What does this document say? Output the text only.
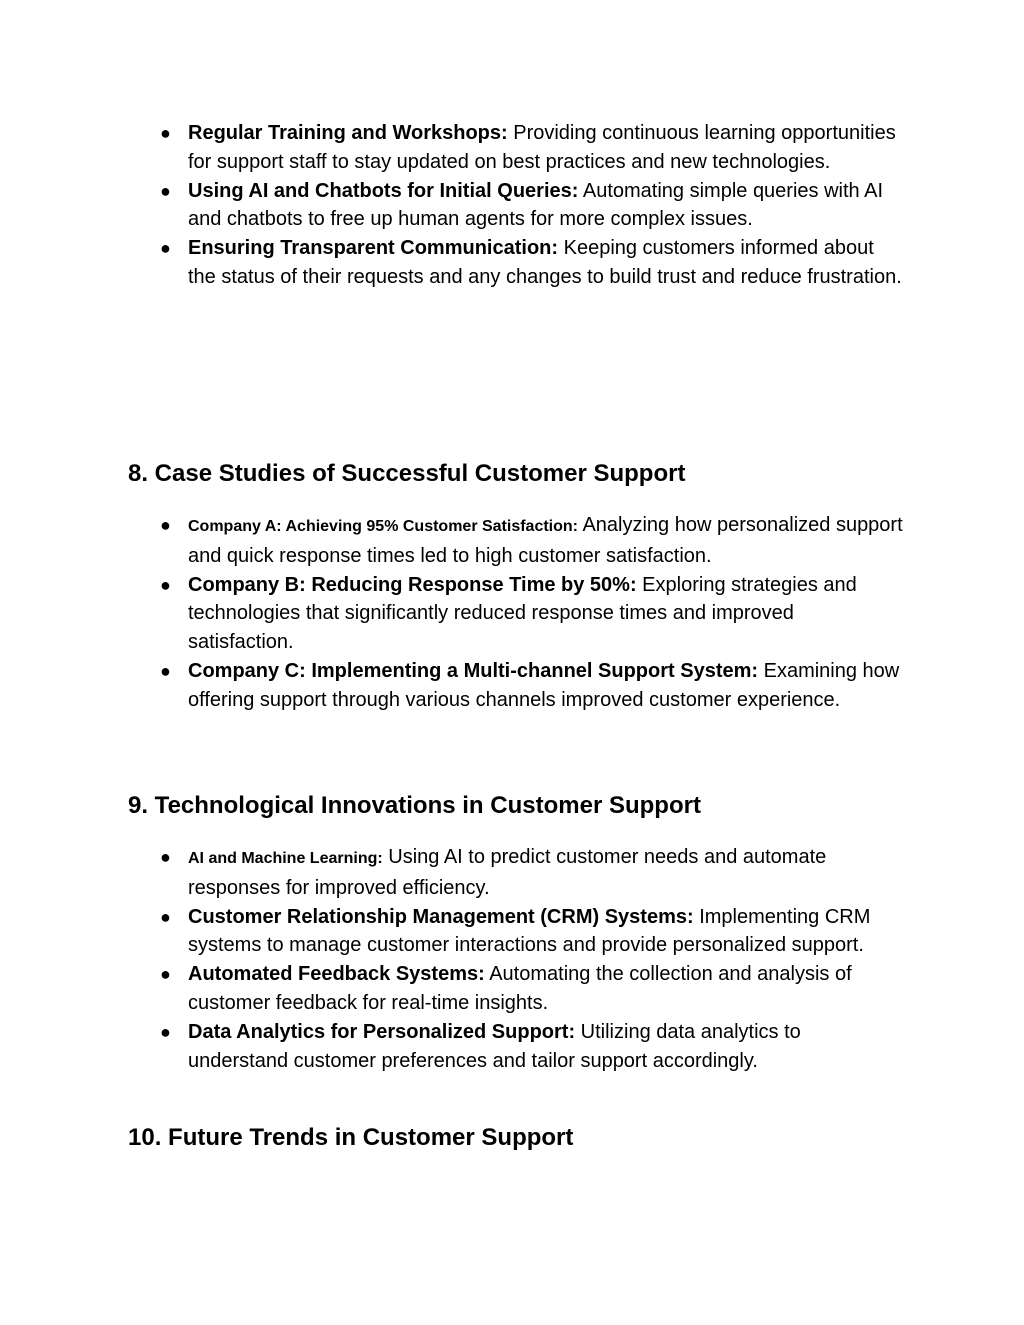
● Regular Training and Workshops: Providing continuous learning opportunities for support staff to stay updated on best practices and new technologies.
● Using AI and Chatbots for Initial Queries: Automating simple queries with AI and chatbots to free up human agents for more complex issues.
● Ensuring Transparent Communication: Keeping customers informed about the status of their requests and any changes to build trust and reduce frustration.
8. Case Studies of Successful Customer Support
● Company A: Achieving 95% Customer Satisfaction: Analyzing how personalized support and quick response times led to high customer satisfaction.
● Company B: Reducing Response Time by 50%: Exploring strategies and technologies that significantly reduced response times and improved satisfaction.
● Company C: Implementing a Multi-channel Support System: Examining how offering support through various channels improved customer experience.
9. Technological Innovations in Customer Support
● AI and Machine Learning: Using AI to predict customer needs and automate responses for improved efficiency.
● Customer Relationship Management (CRM) Systems: Implementing CRM systems to manage customer interactions and provide personalized support.
● Automated Feedback Systems: Automating the collection and analysis of customer feedback for real-time insights.
● Data Analytics for Personalized Support: Utilizing data analytics to understand customer preferences and tailor support accordingly.
10. Future Trends in Customer Support
